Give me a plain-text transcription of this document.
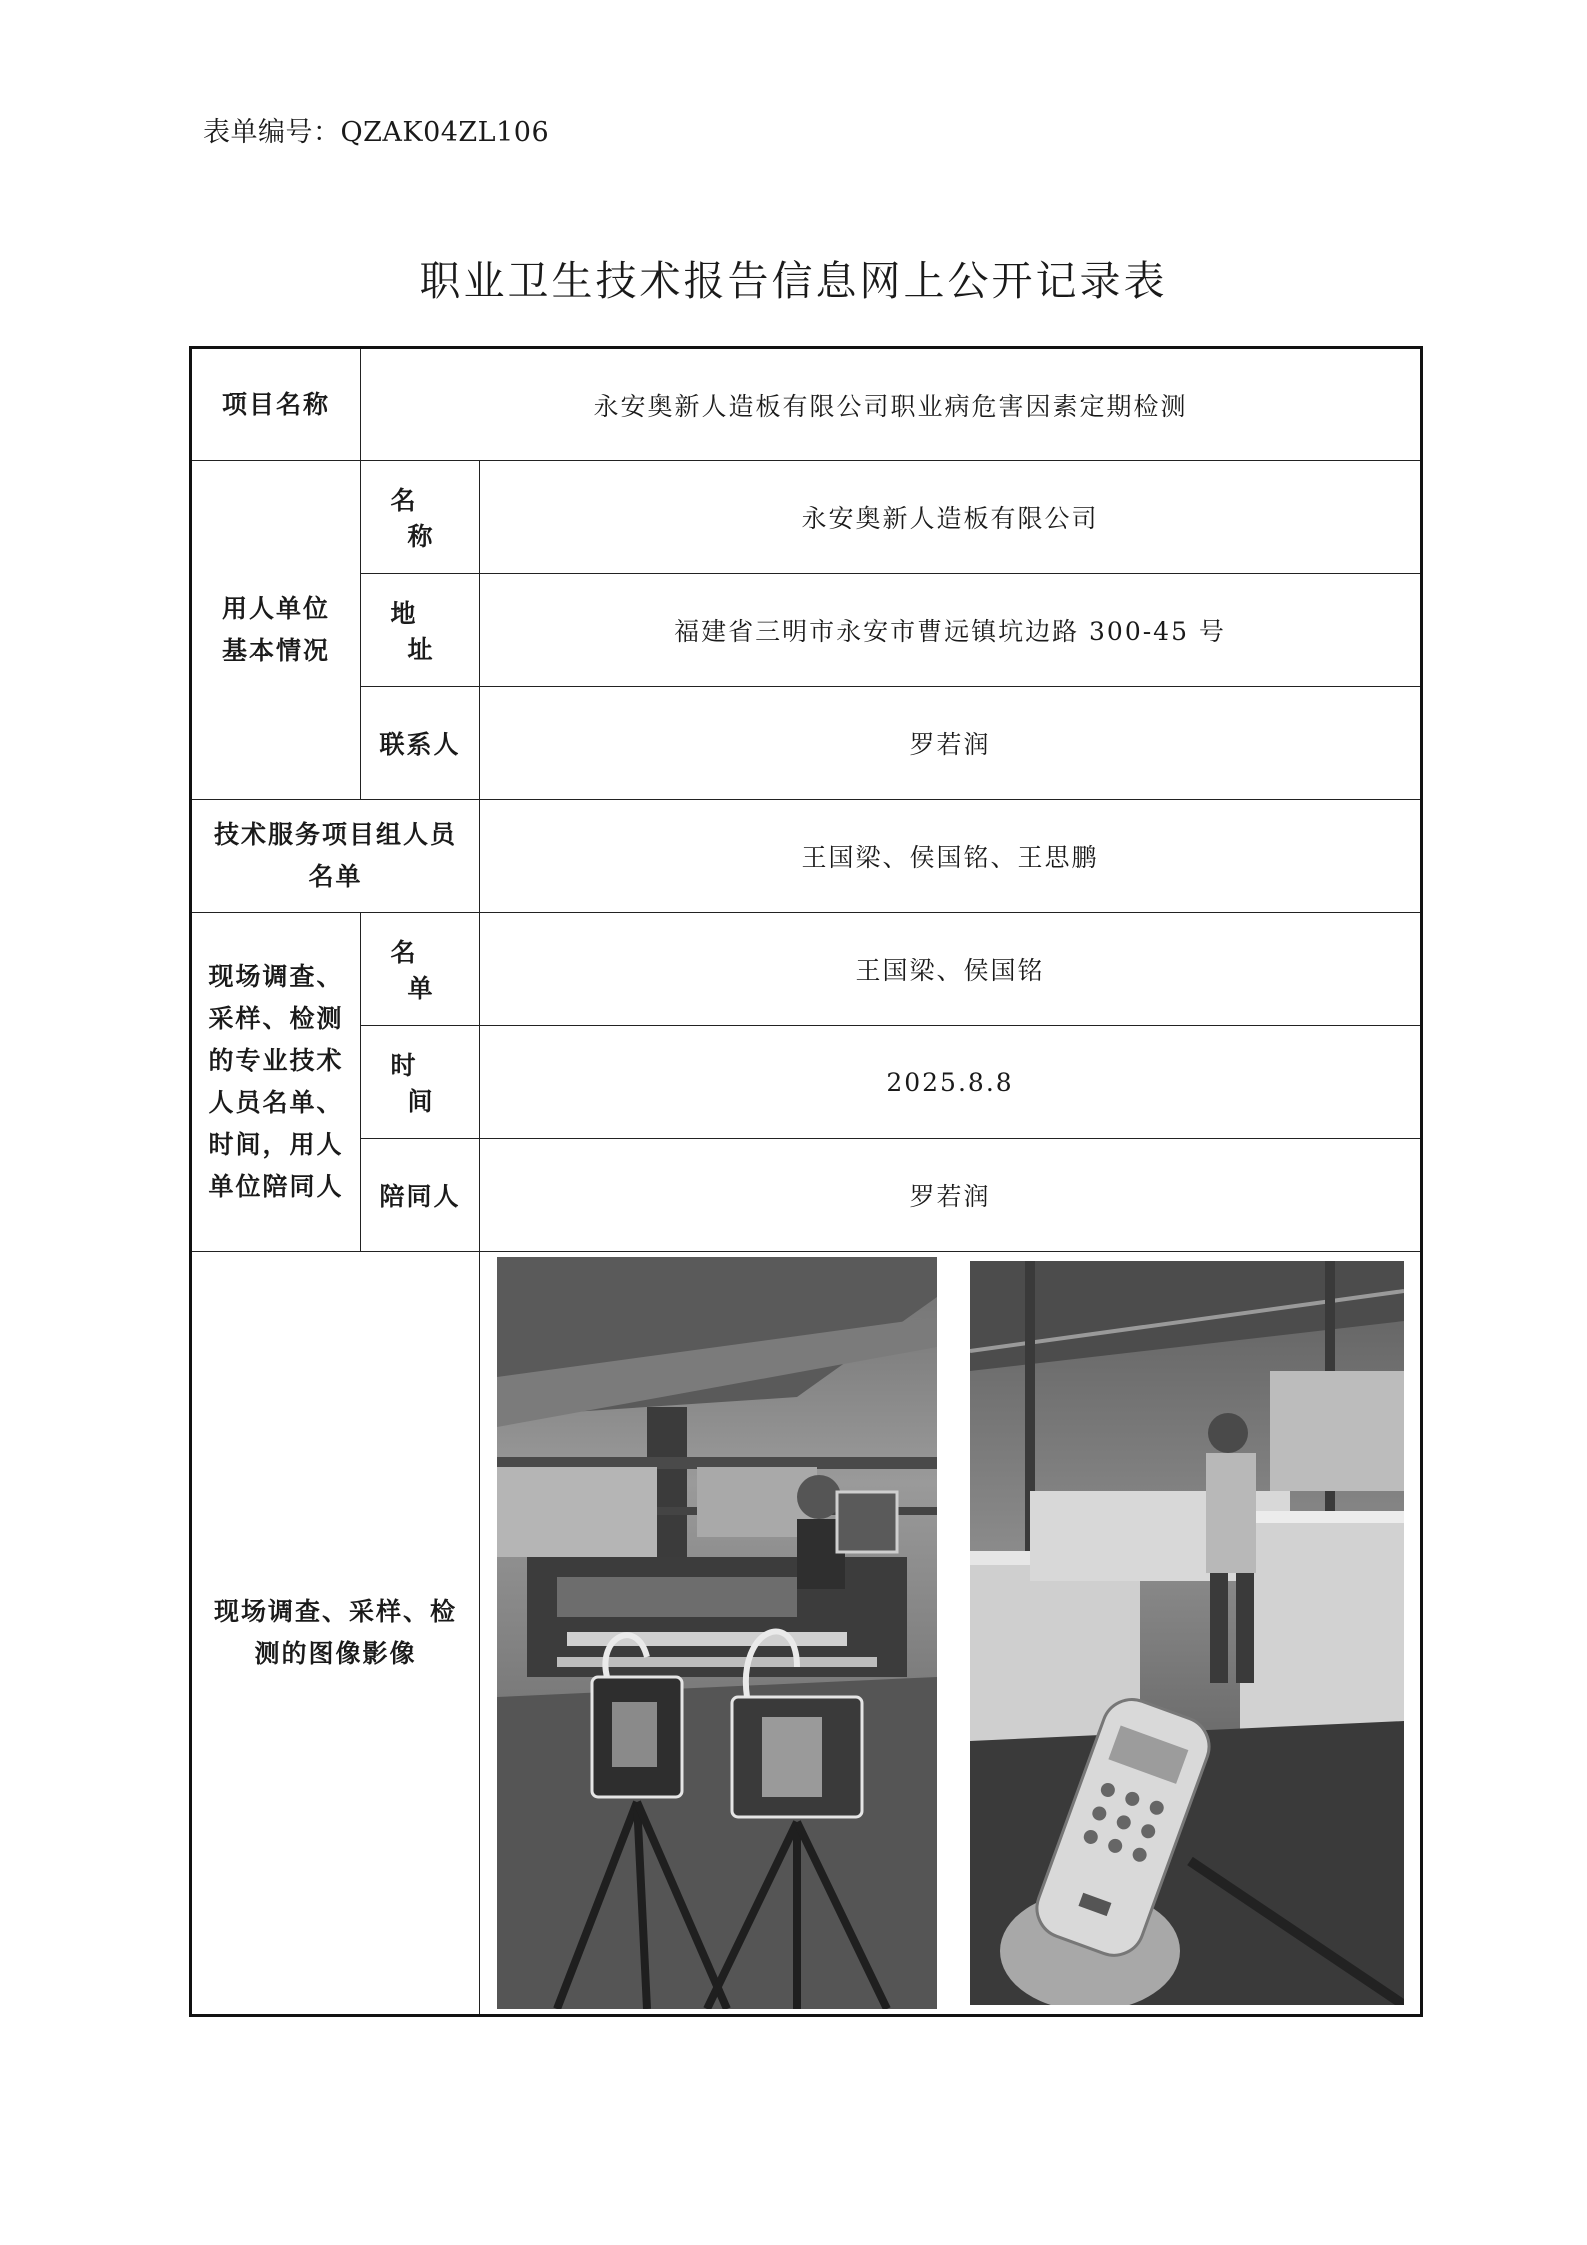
表单编号：QZAK04ZL106
职业卫生技术报告信息网上公开记录表
项目名称	永安奥新人造板有限公司职业病危害因素定期检测	
用人单位基本情况	名称	永安奥新人造板有限公司
	地址	福建省三明市永安市曹远镇坑边路 300-45 号
	联系人	罗若润
技术服务项目组人员名单		王国梁、侯国铭、王思鹏
现场调查、采样、检测的专业技术人员名单、时间，用人单位陪同人	名单	王国梁、侯国铭
	时间	2025.8.8
	陪同人	罗若润
现场调查、采样、检测的图像影像	
